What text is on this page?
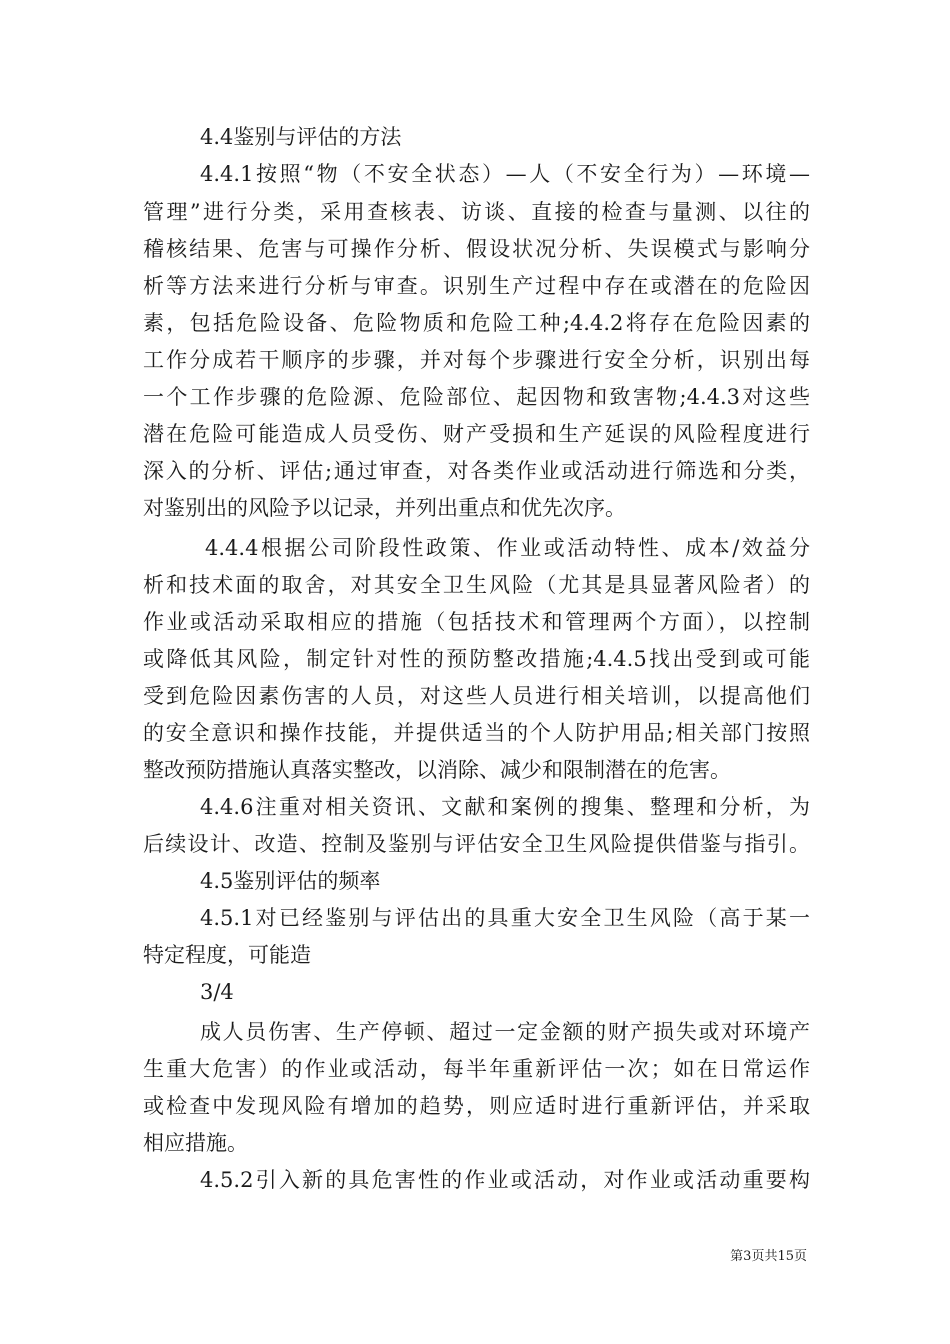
4.4鉴别与评估的方法
4.4.1按照“物（不安全状态）—人（不安全行为）—环境—
管理”进行分类，采用查核表、访谈、直接的检查与量测、以往的
稽核结果、危害与可操作分析、假设状况分析、失误模式与影响分
析等方法来进行分析与审查。识别生产过程中存在或潜在的危险因
素，包括危险设备、危险物质和危险工种;4.4.2将存在危险因素的
工作分成若干顺序的步骤，并对每个步骤进行安全分析，识别出每
一个工作步骤的危险源、危险部位、起因物和致害物;4.4.3对这些
潜在危险可能造成人员受伤、财产受损和生产延误的风险程度进行
深入的分析、评估;通过审查，对各类作业或活动进行筛选和分类，
对鉴别出的风险予以记录，并列出重点和优先次序。
4.4.4根据公司阶段性政策、作业或活动特性、成本/效益分
析和技术面的取舍，对其安全卫生风险（尤其是具显著风险者）的
作业或活动采取相应的措施（包括技术和管理两个方面），以控制
或降低其风险，制定针对性的预防整改措施;4.4.5找出受到或可能
受到危险因素伤害的人员，对这些人员进行相关培训，以提高他们
的安全意识和操作技能，并提供适当的个人防护用品;相关部门按照
整改预防措施认真落实整改，以消除、减少和限制潜在的危害。
4.4.6注重对相关资讯、文献和案例的搜集、整理和分析，为
后续设计、改造、控制及鉴别与评估安全卫生风险提供借鉴与指引。
4.5鉴别评估的频率
4.5.1对已经鉴别与评估出的具重大安全卫生风险（高于某一
特定程度，可能造
3/4
成人员伤害、生产停顿、超过一定金额的财产损失或对环境产
生重大危害）的作业或活动，每半年重新评估一次；如在日常运作
或检查中发现风险有增加的趋势，则应适时进行重新评估，并采取
相应措施。
4.5.2引入新的具危害性的作业或活动，对作业或活动重要构
第3页共15页
